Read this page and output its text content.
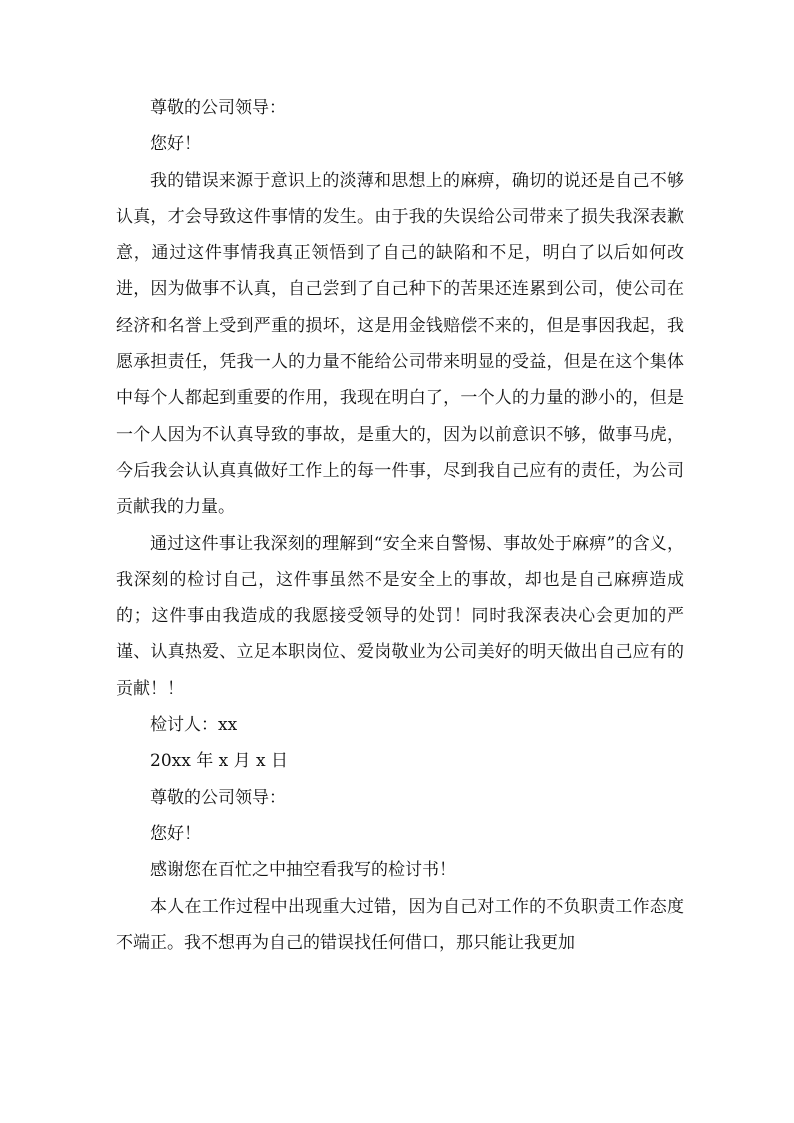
尊敬的公司领导：

您好！

我的错误来源于意识上的淡薄和思想上的麻痹，确切的说还是自己不够认真，才会导致这件事情的发生。由于我的失误给公司带来了损失我深表歉意，通过这件事情我真正领悟到了自己的缺陷和不足，明白了以后如何改进，因为做事不认真，自己尝到了自己种下的苦果还连累到公司，使公司在经济和名誉上受到严重的损坏，这是用金钱赔偿不来的，但是事因我起，我愿承担责任，凭我一人的力量不能给公司带来明显的受益，但是在这个集体中每个人都起到重要的作用，我现在明白了，一个人的力量的渺小的，但是一个人因为不认真导致的事故，是重大的，因为以前意识不够，做事马虎，今后我会认认真真做好工作上的每一件事，尽到我自己应有的责任，为公司贡献我的力量。

通过这件事让我深刻的理解到“安全来自警惕、事故处于麻痹”的含义，我深刻的检讨自己，这件事虽然不是安全上的事故，却也是自己麻痹造成的；这件事由我造成的我愿接受领导的处罚！同时我深表决心会更加的严谨、认真热爱、立足本职岗位、爱岗敬业为公司美好的明天做出自己应有的贡献！！

检讨人：xx

20xx 年 x 月 x 日

尊敬的公司领导：

您好！

感谢您在百忙之中抽空看我写的检讨书！

本人在工作过程中出现重大过错，因为自己对工作的不负职责工作态度不端正。我不想再为自己的错误找任何借口，那只能让我更加
